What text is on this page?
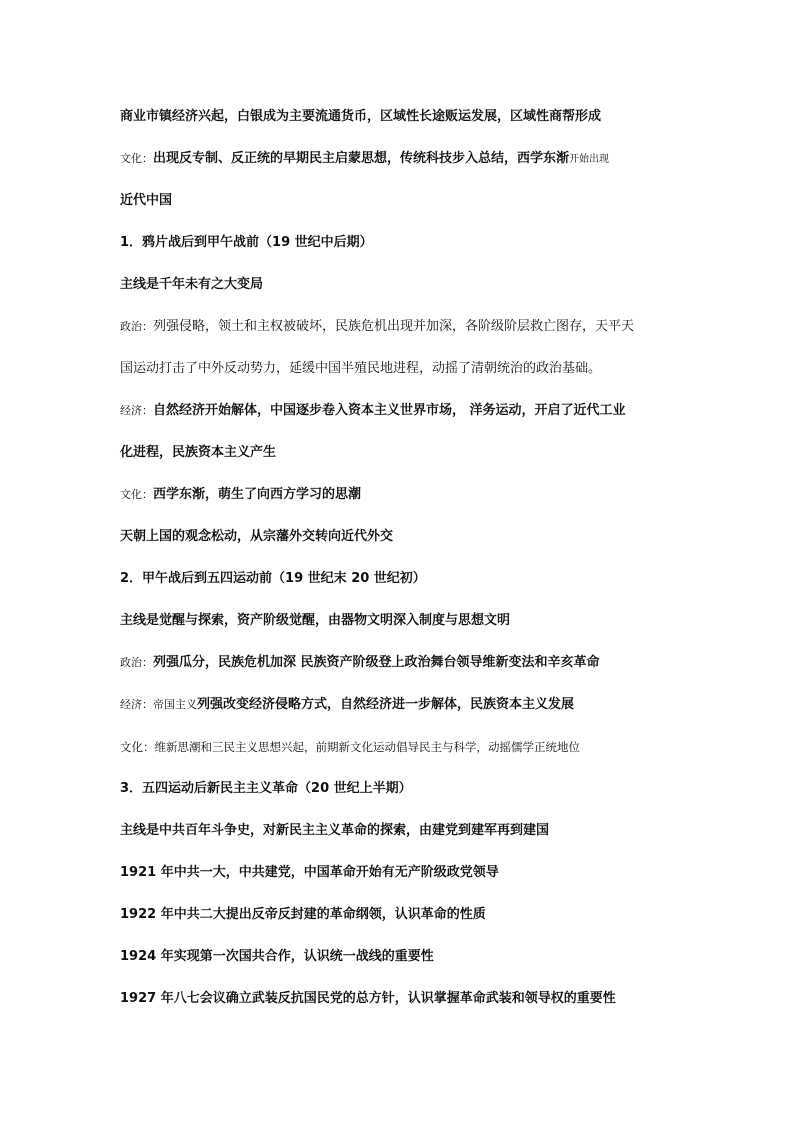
商业市镇经济兴起，白银成为主要流通货币，区域性长途贩运发展，区域性商帮形成
文化：出现反专制、反正统的早期民主启蒙思想，传统科技步入总结，西学东渐开始出现
近代中国
1．鸦片战后到甲午战前（19 世纪中后期）
主线是千年未有之大变局
政治：列强侵略，领土和主权被破坏，民族危机出现并加深，各阶级阶层救亡图存，天平天
国运动打击了中外反动势力，延缓中国半殖民地进程，动摇了清朝统治的政治基础。
经济：自然经济开始解体，中国逐步卷入资本主义世界市场， 洋务运动，开启了近代工业
化进程，民族资本主义产生
文化：西学东渐，萌生了向西方学习的思潮
天朝上国的观念松动，从宗藩外交转向近代外交
2．甲午战后到五四运动前（19 世纪末 20 世纪初）
主线是觉醒与探索，资产阶级觉醒，由器物文明深入制度与思想文明
政治：列强瓜分，民族危机加深 民族资产阶级登上政治舞台领导维新变法和辛亥革命
经济：帝国主义列强改变经济侵略方式，自然经济进一步解体，民族资本主义发展
文化：维新思潮和三民主义思想兴起，前期新文化运动倡导民主与科学，动摇儒学正统地位
3．五四运动后新民主主义革命（20 世纪上半期）
主线是中共百年斗争史，对新民主主义革命的探索，由建党到建军再到建国
1921 年中共一大，中共建党，中国革命开始有无产阶级政党领导
1922 年中共二大提出反帝反封建的革命纲领，认识革命的性质
1924 年实现第一次国共合作，认识统一战线的重要性
1927 年八七会议确立武装反抗国民党的总方针，认识掌握革命武装和领导权的重要性
